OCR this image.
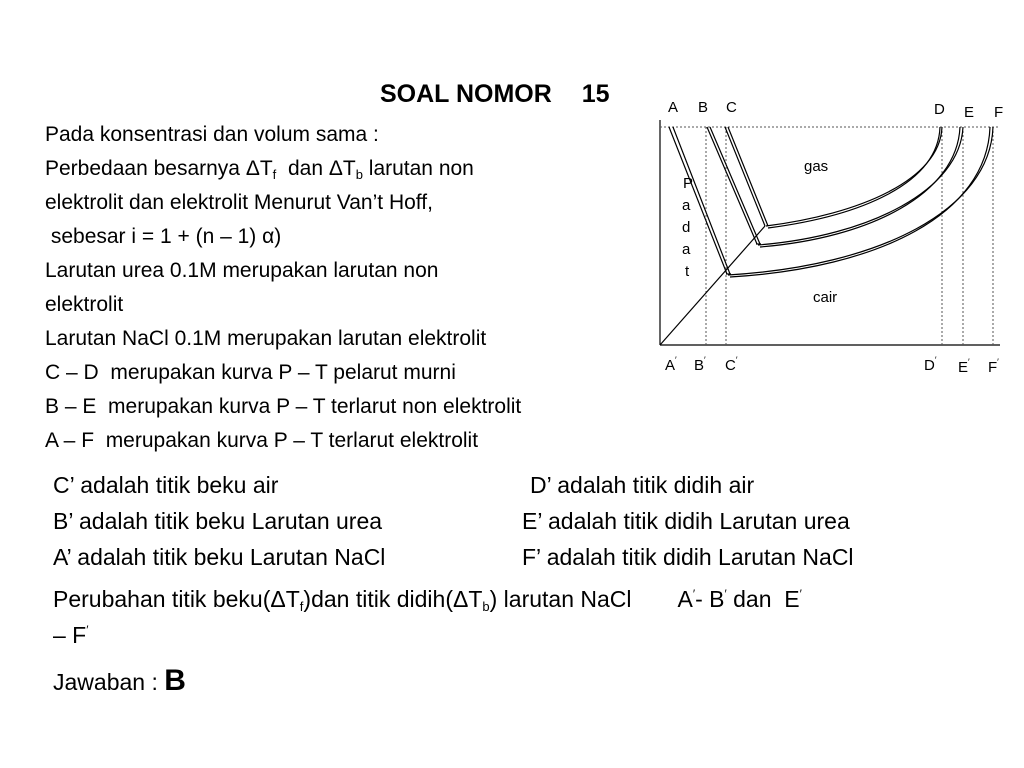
SOAL NOMOR 15
Pada konsentrasi dan volum sama :
Perbedaan besarnya $\Delta T_f$  dan $\Delta T_b$ larutan non
elektrolit dan elektrolit Menurut Van’t Hoff,
sebesar i = 1 + (n – 1) α)
Larutan urea 0.1M merupakan larutan non
elektrolit
Larutan NaCl 0.1M merupakan larutan elektrolit
C – D  merupakan kurva P – T pelarut murni
B – E  merupakan kurva P – T terlarut non elektrolit
A – F  merupakan kurva P – T terlarut elektrolit
A B C	D E F
gas
cair
P
a
d
a
t
A′ B′ C′	D′ E′ F′
C’ adalah titik beku air
B’ adalah titik beku Larutan urea
A’ adalah titik beku Larutan NaCl
D’ adalah titik didih air
E’ adalah titik didih Larutan urea
F’ adalah titik didih Larutan NaCl
Perubahan titik $beku(\Delta T_f)dan$ titik $didih(\Delta T_b)$ larutan NaCl A′- B′ dan  E′
– F′
Jawaban : B
